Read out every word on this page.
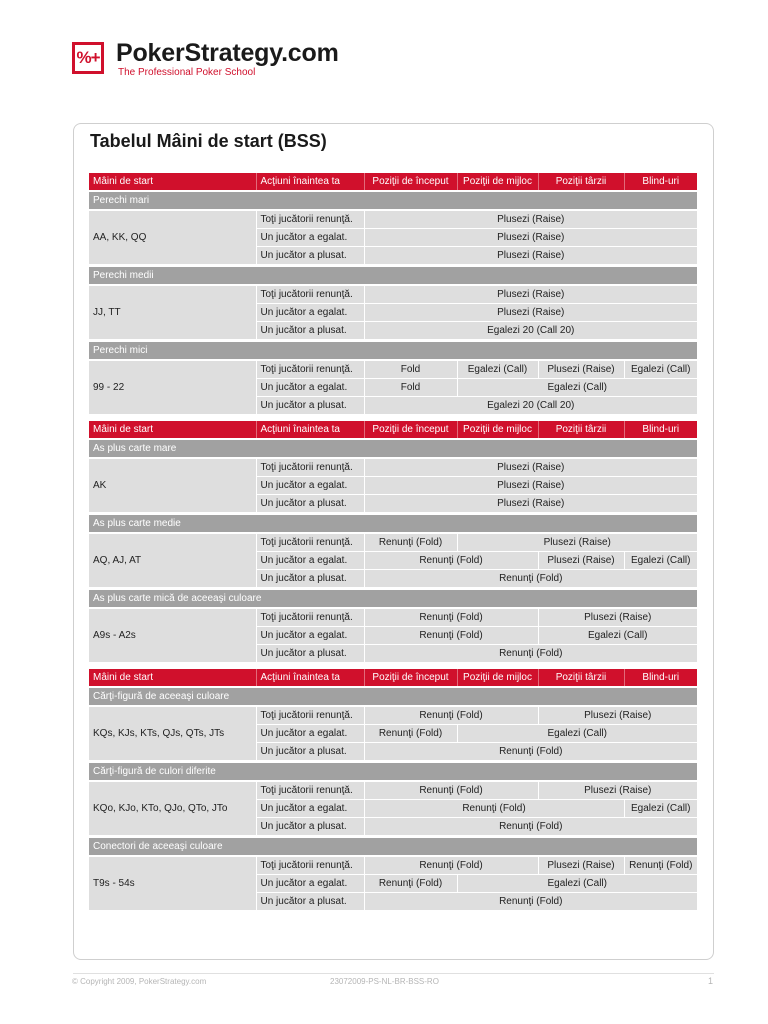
%+ PokerStrategy.com
The Professional Poker School
Tabelul Mâini de start (BSS)
Mâini de start	Acţiuni înaintea ta	Poziţii de început	Poziţii de mijloc	Poziţii târzii	Blind-uri

Perechi mari					

AA, KK, QQ	Toţi jucătorii renunţă.	Plusezi (Raise)			
	Un jucător a egalat.	Plusezi (Raise)			
	Un jucător a plusat.	Plusezi (Raise)			

Perechi medii					

JJ, TT	Toţi jucătorii renunţă.	Plusezi (Raise)			
	Un jucător a egalat.	Plusezi (Raise)			
	Un jucător a plusat.	Egalezi 20 (Call 20)			

Perechi mici					

99 - 22	Toţi jucătorii renunţă.	Fold	Egalezi (Call)	Plusezi (Raise)	Egalezi (Call)
	Un jucător a egalat.	Fold	Egalezi (Call)		
	Un jucător a plusat.	Egalezi 20 (Call 20)			

Mâini de start	Acţiuni înaintea ta	Poziţii de început	Poziţii de mijloc	Poziţii târzii	Blind-uri

As plus carte mare					

AK	Toţi jucătorii renunţă.	Plusezi (Raise)			
	Un jucător a egalat.	Plusezi (Raise)			
	Un jucător a plusat.	Plusezi (Raise)			

As plus carte medie					

AQ, AJ, AT	Toţi jucătorii renunţă.	Renunţi (Fold)	Plusezi (Raise)		
	Un jucător a egalat.	Renunţi (Fold)		Plusezi (Raise)	Egalezi (Call)
	Un jucător a plusat.	Renunţi (Fold)			

As plus carte mică de aceeaşi culoare					

A9s - A2s	Toţi jucătorii renunţă.	Renunţi (Fold)		Plusezi (Raise)	
	Un jucător a egalat.	Renunţi (Fold)		Egalezi (Call)	
	Un jucător a plusat.	Renunţi (Fold)			

Mâini de start	Acţiuni înaintea ta	Poziţii de început	Poziţii de mijloc	Poziţii târzii	Blind-uri

Cărţi-figură de aceeaşi culoare					

KQs, KJs, KTs, QJs, QTs, JTs	Toţi jucătorii renunţă.	Renunţi (Fold)		Plusezi (Raise)	
	Un jucător a egalat.	Renunţi (Fold)	Egalezi (Call)		
	Un jucător a plusat.	Renunţi (Fold)			

Cărţi-figură de culori diferite					

KQo, KJo, KTo, QJo, QTo, JTo	Toţi jucătorii renunţă.	Renunţi (Fold)		Plusezi (Raise)	
	Un jucător a egalat.	Renunţi (Fold)			Egalezi (Call)
	Un jucător a plusat.	Renunţi (Fold)			

Conectori de aceeaşi culoare					

T9s - 54s	Toţi jucătorii renunţă.	Renunţi (Fold)		Plusezi (Raise)	Renunţi (Fold)
	Un jucător a egalat.	Renunţi (Fold)	Egalezi (Call)		
	Un jucător a plusat.	Renunţi (Fold)			
© Copyright 2009, PokerStrategy.com	23072009-PS-NL-BR-BSS-RO	1
